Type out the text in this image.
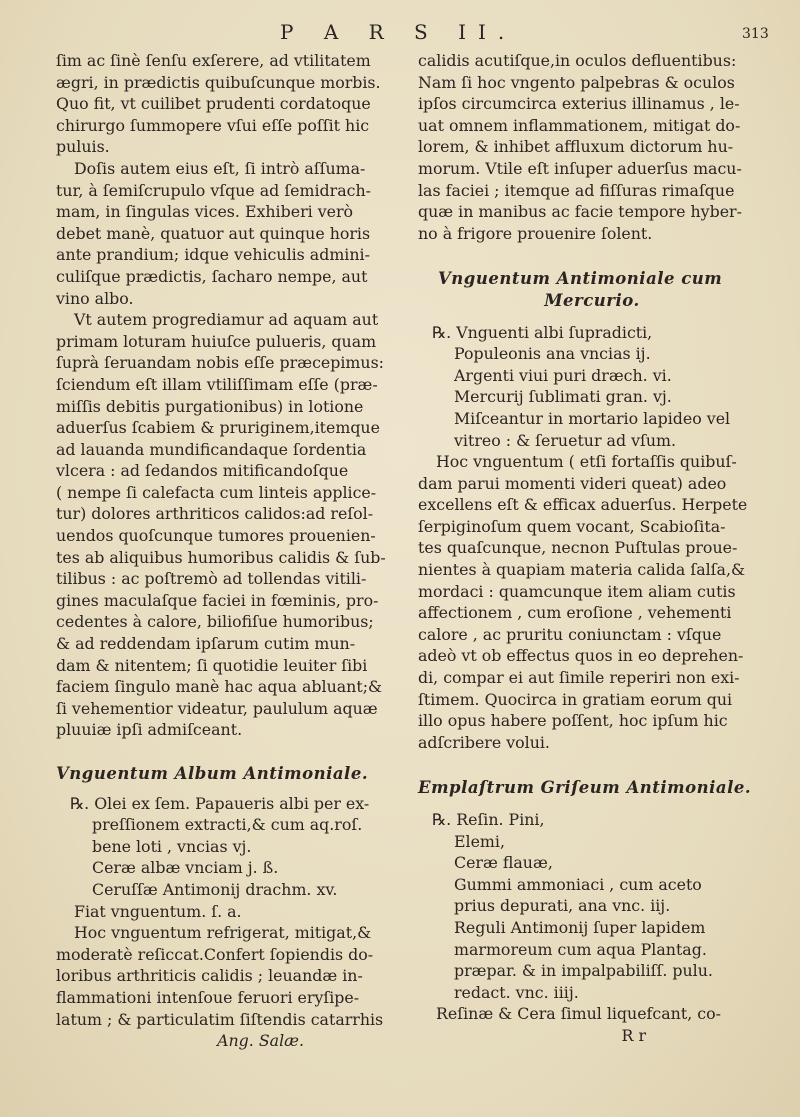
P A R S II.	313

ſim ac ſinè ſenſu exſerere, ad vtilitatem
ægri, in prædictis quibuſcunque morbis.
Quo fit, vt cuilibet prudenti cordatoque
chirurgo ſummopere vſui eſſe poſſit hic
puluis.

Doſis autem eius eſt, ſi intrò aſſuma-
tur, à ſemiſcrupulo vſque ad ſemidrach-
mam, in ſingulas vices. Exhiberi verò
debet manè, quatuor aut quinque horis
ante prandium; idque vehiculis admini-
culiſque prædictis, ſacharo nempe, aut
vino albo.

Vt autem progrediamur ad aquam aut
primam loturam huiuſce pulueris, quam
ſuprà ſeruandam nobis eſſe præcepimus:
ſciendum eſt illam vtiliſſimam eſſe (præ-
miſſis debitis purgationibus) in lotione
aduerſus ſcabiem & pruriginem,itemque
ad lauanda mundificandaque ſordentia
vlcera : ad ſedandos mitificandoſque
( nempe ſi calefacta cum linteis applice-
tur) dolores arthriticos calidos:ad reſol-
uendos quoſcunque tumores prouenien-
tes ab aliquibus humoribus calidis & ſub-
tilibus : ac poſtremò ad tollendas vitili-
gines maculaſque faciei in fœminis, pro-
cedentes à calore, biliofiſue humoribus;
& ad reddendam ipſarum cutim mun-
dam & nitentem; ſi quotidie leuiter ſibi
faciem ſingulo manè hac aqua abluant;&
ſi vehementior videatur, paululum aquæ
pluuiæ ipſi admiſceant.

Vnguentum Album Antimoniale.

℞. Olei ex ſem. Papaueris albi per ex-
preſſionem extracti,& cum aq.roſ.
bene loti , vncias vj.
Ceræ albæ vnciam j. ß.
Ceruſſæ Antimonij drachm. xv.
Fiat vnguentum. ſ. a.

Hoc vnguentum refrigerat, mitigat,&
moderatè reſiccat.Confert ſopiendis do-
loribus arthriticis calidis ; leuandæ in-
flammationi intenſoue feruori eryſipe-
latum ; & particulatim ſiſtendis catarrhis

Ang. Salæ.

calidis acutiſque,in oculos defluentibus:
Nam ſi hoc vngento palpebras & oculos
ipſos circumcirca exterius illinamus , le-
uat omnem inflammationem, mitigat do-
lorem, & inhibet affluxum dictorum hu-
morum. Vtile eſt inſuper aduerſus macu-
las faciei ; itemque ad fiſſuras rimaſque
quæ in manibus ac facie tempore hyber-
no à frigore prouenire ſolent.

Vnguentum Antimoniale cum
Mercurio.

℞. Vnguenti albi ſupradicti,
Populeonis ana vncias ij.
Argenti viui puri dræch. vi.
Mercurij ſublimati gran. vj.
Miſceantur in mortario lapideo vel
vitreo : & ſeruetur ad vſum.

Hoc vnguentum ( etſi fortaſſis quibuſ-
dam parui momenti videri queat) adeo
excellens eſt & efficax aduerſus. Herpete
ſerpiginoſum quem vocant, Scabioſita-
tes quaſcunque, necnon Puſtulas proue-
nientes à quapiam materia calida ſalſa,&
mordaci : quamcunque item aliam cutis
affectionem , cum eroſione , vehementi
calore , ac pruritu coniunctam : vſque
adeò vt ob effectus quos in eo deprehen-
di, compar ei aut ſimile reperiri non exi-
ſtimem. Quocirca in gratiam eorum qui
illo opus habere poſſent, hoc ipſum hic
adſcribere volui.

Emplaſtrum Griſeum Antimoniale.

℞. Reſin. Pini,
Elemi,
Ceræ flauæ,
Gummi ammoniaci , cum aceto
prius depurati, ana vnc. iij.
Reguli Antimonij ſuper lapidem
marmoreum cum aqua Plantag.
præpar. & in impalpabiliſſ. pulu.
redact. vnc. iiij.
Reſinæ & Cera ſimul liquefcant, co-

R r
